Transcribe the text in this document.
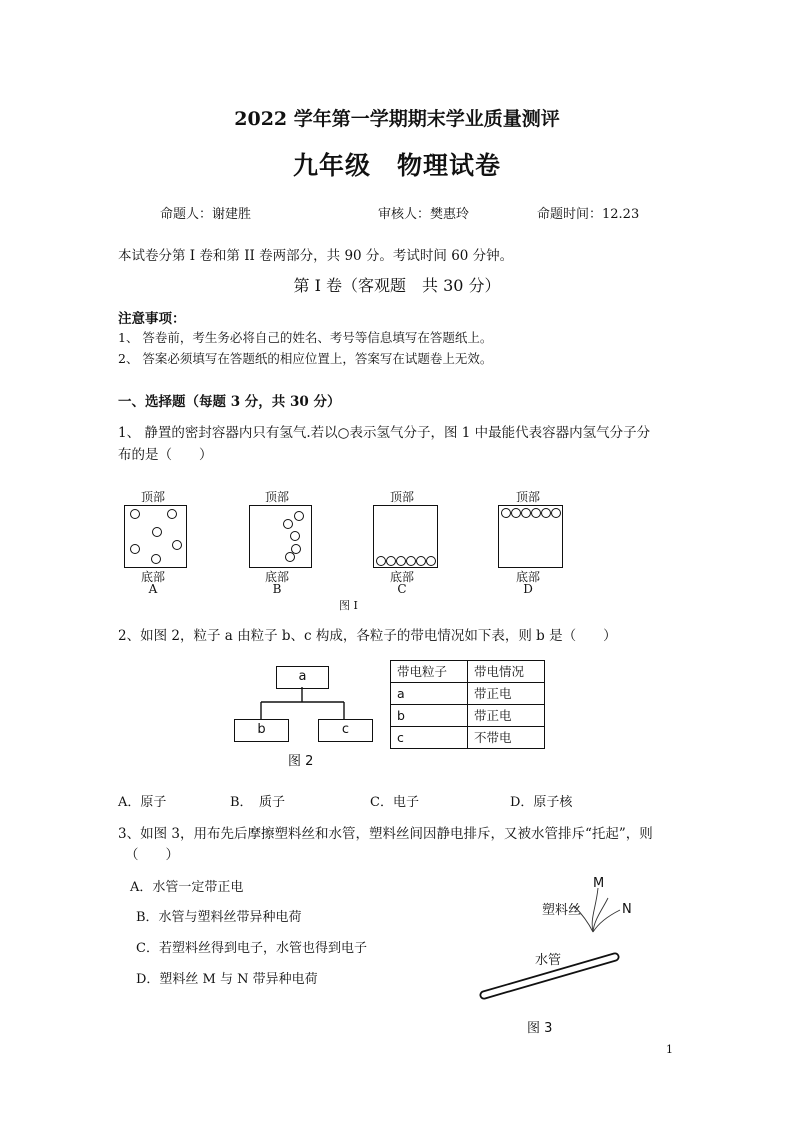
2022 学年第一学期期末学业质量测评
九年级　物理试卷
命题人：谢建胜	审核人：樊惠玲	命题时间：12.23
本试卷分第 I 卷和第 II 卷两部分，共 90 分。考试时间 60 分钟。
第 I 卷（客观题　共 30 分）
注意事项：
1、 答卷前，考生务必将自己的姓名、考号等信息填写在答题纸上。
2、 答案必须填写在答题纸的相应位置上，答案写在试题卷上无效。
一、选择题（每题 3 分，共 30 分）
1、 静置的密封容器内只有氢气.若以○表示氢气分子，图 1 中最能代表容器内氢气分子分
布的是（　　）
顶部
底部
A
顶部
底部
B
顶部
底部
C
顶部
底部
D
图 I
2、如图 2，粒子 a 由粒子 b、c 构成，各粒子的带电情况如下表，则 b 是（　　）
a
b	c
图 2
带电粒子	带电情况
a	带正电
b	带正电
c	不带电
A．原子	B．　质子	C．电子	D．原子核
3、如图 3，用布先后摩擦塑料丝和水管，塑料丝间因静电排斥，又被水管排斥“托起”，则
（　　）
A．水管一定带正电
B．水管与塑料丝带异种电荷
C．若塑料丝得到电子，水管也得到电子
D．塑料丝 M 与 N 带异种电荷
M
N
塑料丝
水管
图 3
1
